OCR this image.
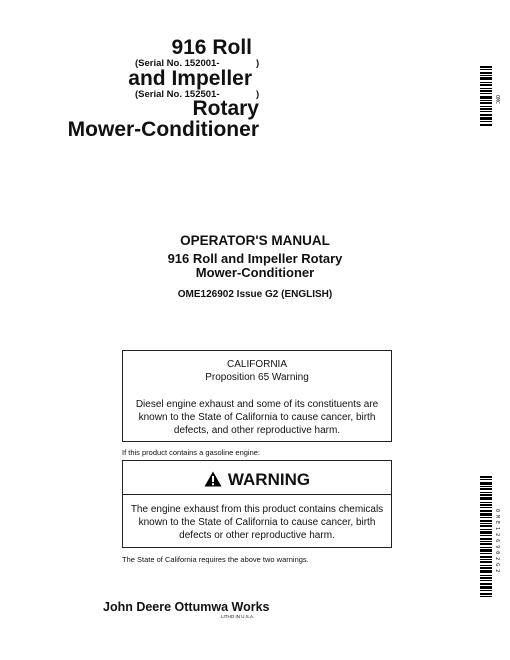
916 Roll
(Serial No. 152001-	)
and Impeller
(Serial No. 152501-	)
Rotary
Mower-Conditioner
OMC
OPERATOR'S MANUAL
916 Roll and Impeller Rotary
Mower-Conditioner
OME126902 Issue G2 (ENGLISH)
CALIFORNIA
Proposition 65 Warning
Diesel engine exhaust and some of its constituents are
known to the State of California to cause cancer, birth
defects, and other reproductive harm.
If this product contains a gasoline engine:
WARNING
The engine exhaust from this product contains chemicals
known to the State of California to cause cancer, birth
defects or other reproductive harm.
The State of California requires the above two warnings.	O M E 1 2 6 9 0 2 G 2
John Deere Ottumwa Works
LITHO IN U.S.A.
